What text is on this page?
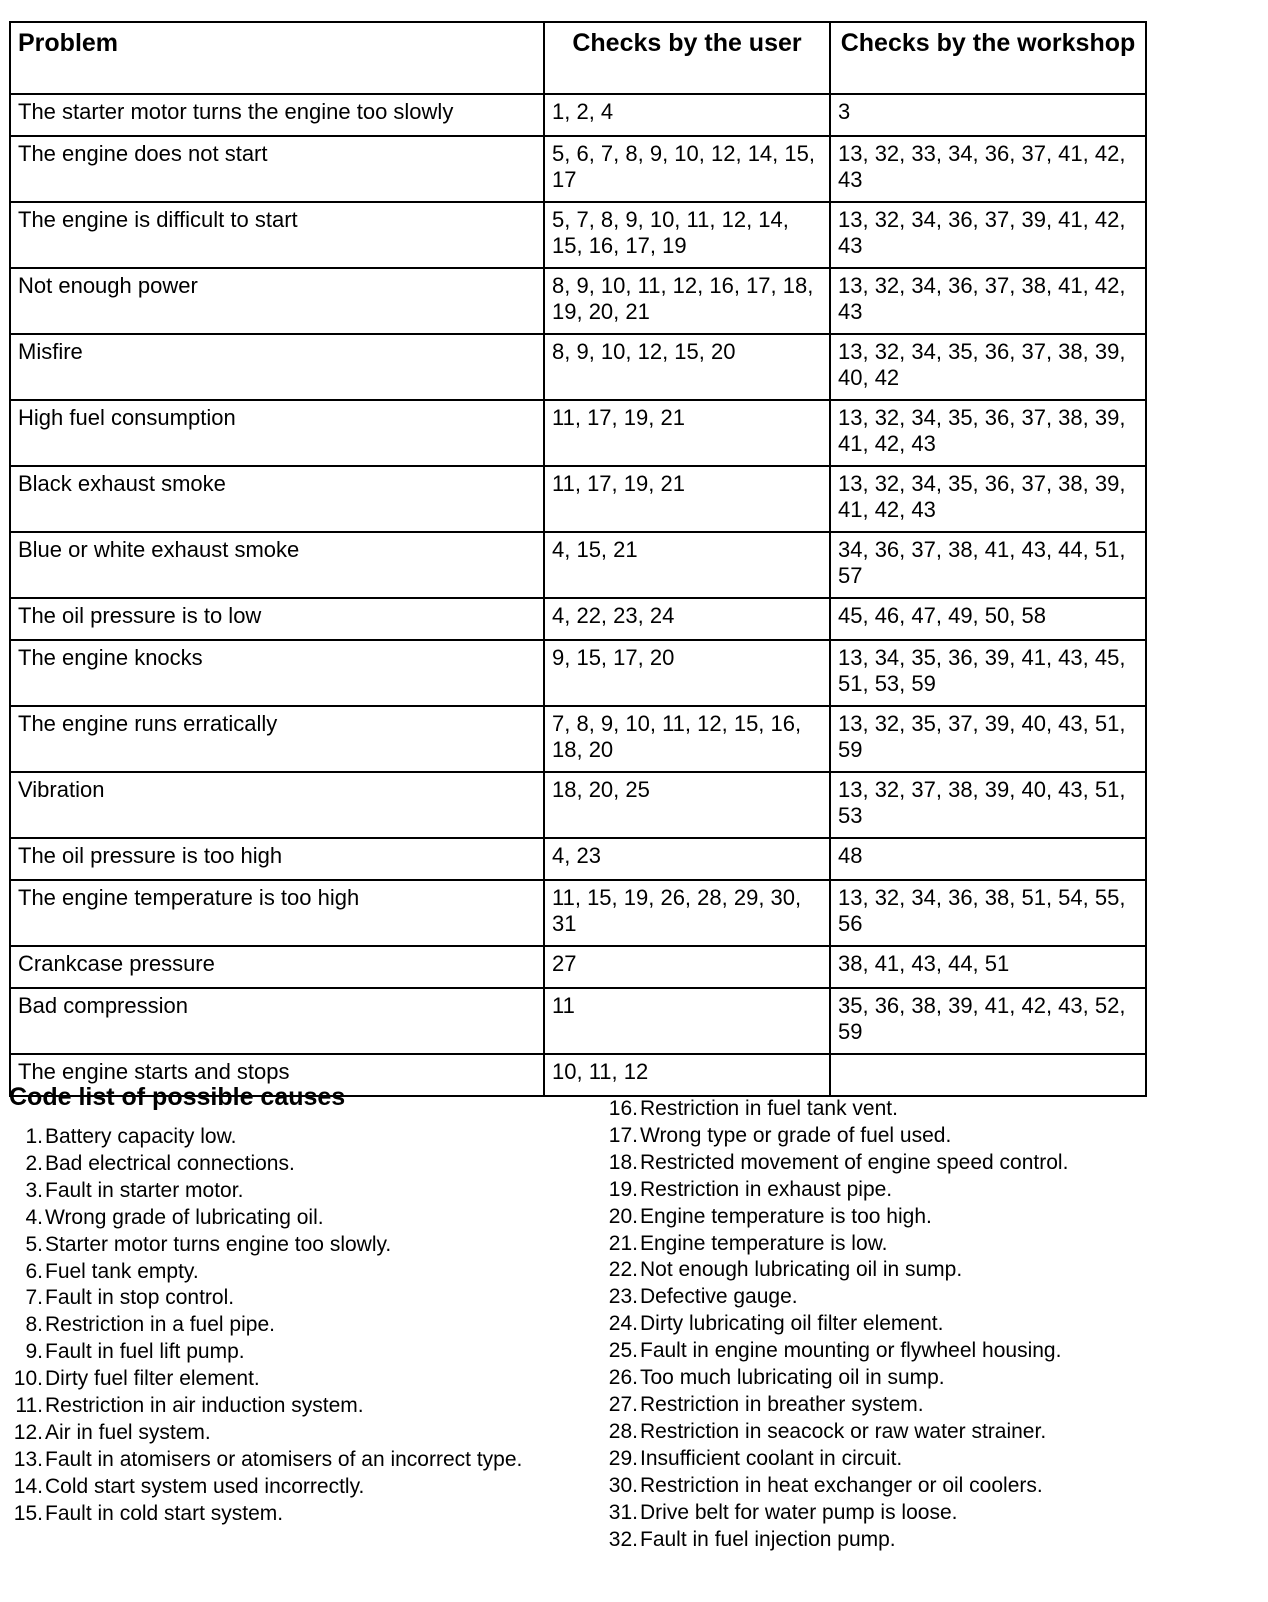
Problem	Checks by the user	Checks by the workshop
The starter motor turns the engine too slowly	1, 2, 4	3
The engine does not start	5, 6, 7, 8, 9, 10, 12, 14, 15, 17	13, 32, 33, 34, 36, 37, 41, 42, 43
The engine is difficult to start	5, 7, 8, 9, 10, 11, 12, 14, 15, 16, 17, 19	13, 32, 34, 36, 37, 39, 41, 42, 43
Not enough power	8, 9, 10, 11, 12, 16, 17, 18, 19, 20, 21	13, 32, 34, 36, 37, 38, 41, 42, 43
Misfire	8, 9, 10, 12, 15, 20	13, 32, 34, 35, 36, 37, 38, 39, 40, 42
High fuel consumption	11, 17, 19, 21	13, 32, 34, 35, 36, 37, 38, 39, 41, 42, 43
Black exhaust smoke	11, 17, 19, 21	13, 32, 34, 35, 36, 37, 38, 39, 41, 42, 43
Blue or white exhaust smoke	4, 15, 21	34, 36, 37, 38, 41, 43, 44, 51, 57
The oil pressure is to low	4, 22, 23, 24	45, 46, 47, 49, 50, 58
The engine knocks	9, 15, 17, 20	13, 34, 35, 36, 39, 41, 43, 45, 51, 53, 59
The engine runs erratically	7, 8, 9, 10, 11, 12, 15, 16, 18, 20	13, 32, 35, 37, 39, 40, 43, 51, 59
Vibration	18, 20, 25	13, 32, 37, 38, 39, 40, 43, 51, 53
The oil pressure is too high	4, 23	48
The engine temperature is too high	11, 15, 19, 26, 28, 29, 30, 31	13, 32, 34, 36, 38, 51, 54, 55, 56
Crankcase pressure	27	38, 41, 43, 44, 51
Bad compression	11	35, 36, 38, 39, 41, 42, 43, 52, 59
The engine starts and stops	10, 11, 12	
Code list of possible causes
1. Battery capacity low.
2. Bad electrical connections.
3. Fault in starter motor.
4. Wrong grade of lubricating oil.
5. Starter motor turns engine too slowly.
6. Fuel tank empty.
7. Fault in stop control.
8. Restriction in a fuel pipe.
9. Fault in fuel lift pump.
10. Dirty fuel filter element.
11. Restriction in air induction system.
12. Air in fuel system.
13. Fault in atomisers or atomisers of an incorrect type.
14. Cold start system used incorrectly.
15. Fault in cold start system.
16. Restriction in fuel tank vent.
17. Wrong type or grade of fuel used.
18. Restricted movement of engine speed control.
19. Restriction in exhaust pipe.
20. Engine temperature is too high.
21. Engine temperature is low.
22. Not enough lubricating oil in sump.
23. Defective gauge.
24. Dirty lubricating oil filter element.
25. Fault in engine mounting or flywheel housing.
26. Too much lubricating oil in sump.
27. Restriction in breather system.
28. Restriction in seacock or raw water strainer.
29. Insufficient coolant in circuit.
30. Restriction in heat exchanger or oil coolers.
31. Drive belt for water pump is loose.
32. Fault in fuel injection pump.
